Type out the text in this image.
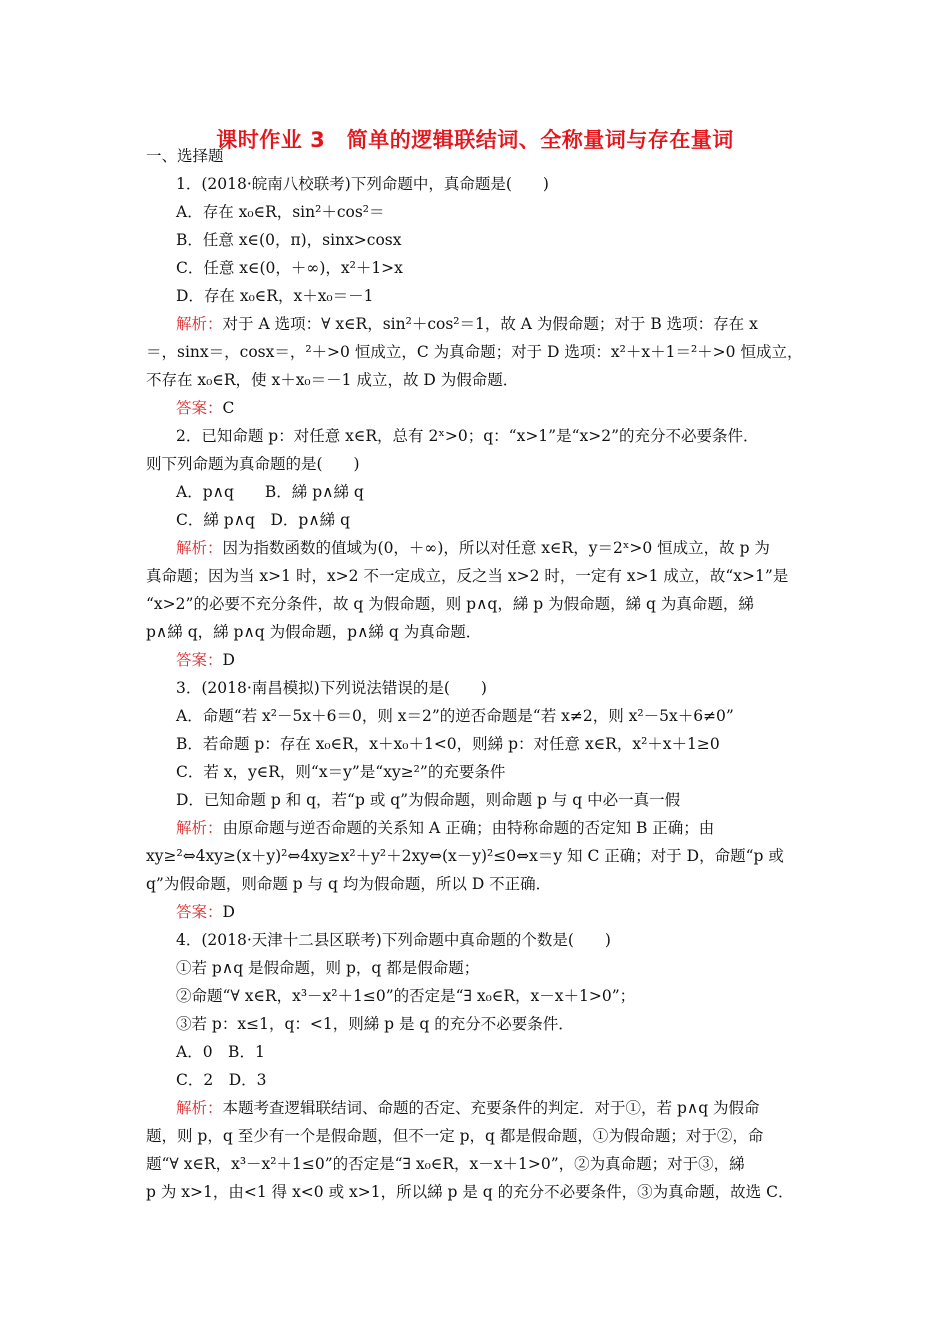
课时作业 3　简单的逻辑联结词、全称量词与存在量词
一、选择题
1．(2018·皖南八校联考)下列命题中，真命题是(　　)
A．存在 x₀∈R，sin²＋cos²＝
B．任意 x∈(0，π)，sinx>cosx
C．任意 x∈(0，＋∞)，x²＋1>x
D．存在 x₀∈R，x＋x₀＝－1
解析：对于 A 选项：∀ x∈R，sin²＋cos²＝1，故 A 为假命题；对于 B 选项：存在 x
＝，sinx＝，cosx＝，²＋>0 恒成立，C 为真命题；对于 D 选项：x²＋x＋1＝²＋>0 恒成立，
不存在 x₀∈R，使 x＋x₀＝－1 成立，故 D 为假命题．
答案：C
2．已知命题 p：对任意 x∈R，总有 2ˣ>0；q：“x>1”是“x>2”的充分不必要条件．
则下列命题为真命题的是(　　)
A．p∧q　　B．綈 p∧綈 q
C．綈 p∧q　D．p∧綈 q
解析：因为指数函数的值域为(0，＋∞)，所以对任意 x∈R，y＝2ˣ>0 恒成立，故 p 为
真命题；因为当 x>1 时，x>2 不一定成立，反之当 x>2 时，一定有 x>1 成立，故“x>1”是
“x>2”的必要不充分条件，故 q 为假命题，则 p∧q，綈 p 为假命题，綈 q 为真命题，綈
p∧綈 q，綈 p∧q 为假命题，p∧綈 q 为真命题．
答案：D
3．(2018·南昌模拟)下列说法错误的是(　　)
A．命题“若 x²－5x＋6＝0，则 x＝2”的逆否命题是“若 x≠2，则 x²－5x＋6≠0”
B．若命题 p：存在 x₀∈R，x＋x₀＋1<0，则綈 p：对任意 x∈R，x²＋x＋1≥0
C．若 x，y∈R，则“x＝y”是“xy≥²”的充要条件
D．已知命题 p 和 q，若“p 或 q”为假命题，则命题 p 与 q 中必一真一假
解析：由原命题与逆否命题的关系知 A 正确；由特称命题的否定知 B 正确；由
xy≥²⇔4xy≥(x＋y)²⇔4xy≥x²＋y²＋2xy⇔(x－y)²≤0⇔x＝y 知 C 正确；对于 D，命题“p 或
q”为假命题，则命题 p 与 q 均为假命题，所以 D 不正确．
答案：D
4．(2018·天津十二县区联考)下列命题中真命题的个数是(　　)
①若 p∧q 是假命题，则 p，q 都是假命题；
②命题“∀ x∈R，x³－x²＋1≤0”的否定是“∃ x₀∈R，x－x＋1>0”；
③若 p：x≤1，q：<1，则綈 p 是 q 的充分不必要条件．
A．0　B．1
C．2　D．3
解析：本题考查逻辑联结词、命题的否定、充要条件的判定．对于①，若 p∧q 为假命
题，则 p，q 至少有一个是假命题，但不一定 p，q 都是假命题，①为假命题；对于②，命
题“∀ x∈R，x³－x²＋1≤0”的否定是“∃ x₀∈R，x－x＋1>0”，②为真命题；对于③，綈
p 为 x>1，由<1 得 x<0 或 x>1，所以綈 p 是 q 的充分不必要条件，③为真命题，故选 C．
